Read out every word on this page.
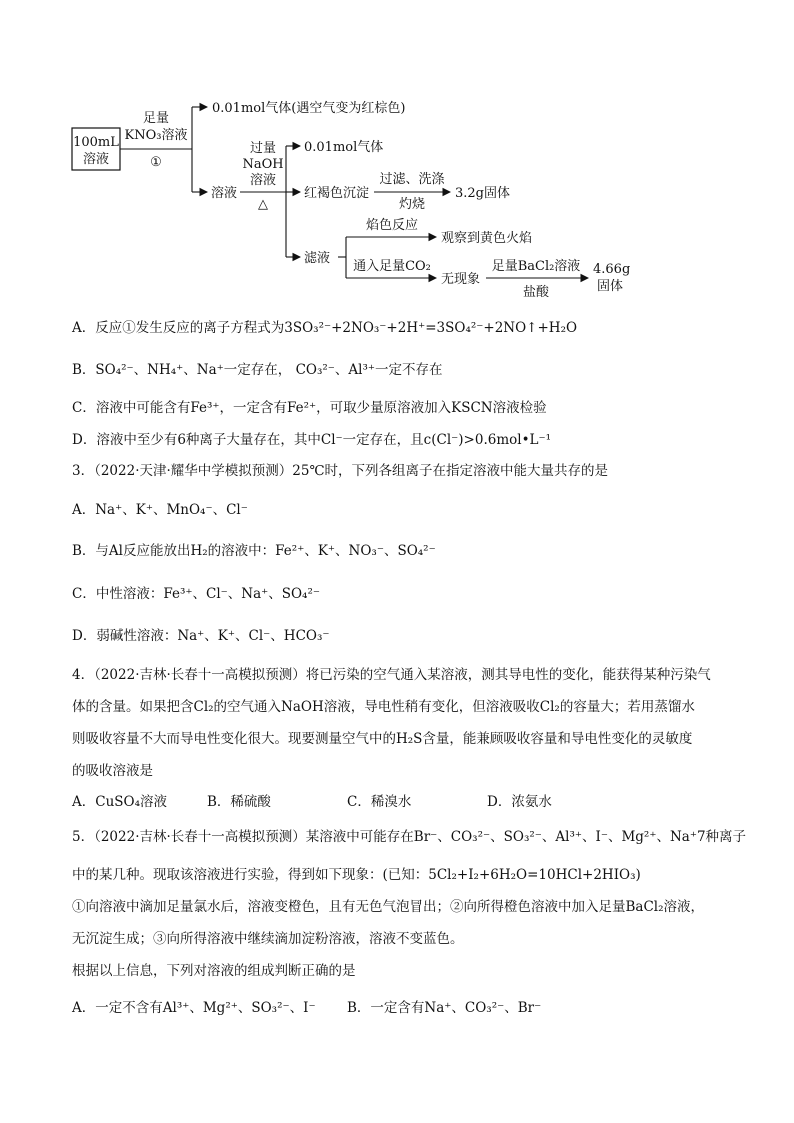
100mL
溶液
足量
KNO₃溶液
①
0.01mol气体(遇空气变为红棕色)
溶液
过量
NaOH
溶液
△
0.01mol气体
红褐色沉淀
过滤、洗涤
灼烧
3.2g固体
滤液
焰色反应
观察到黄色火焰
通入足量CO₂
无现象
足量BaCl₂溶液
盐酸
4.66g
固体
A．反应①发生反应的离子方程式为3SO₃²⁻+2NO₃⁻+2H⁺=3SO₄²⁻+2NO↑+H₂O
B．SO₄²⁻、NH₄⁺、Na⁺一定存在， CO₃²⁻、Al³⁺一定不存在
C．溶液中可能含有Fe³⁺，一定含有Fe²⁺，可取少量原溶液加入KSCN溶液检验
D．溶液中至少有6种离子大量存在，其中Cl⁻一定存在，且c(Cl⁻)>0.6mol•L⁻¹
3．（2022·天津·耀华中学模拟预测）25℃时，下列各组离子在指定溶液中能大量共存的是
A．Na⁺、K⁺、MnO₄⁻、Cl⁻
B．与Al反应能放出H₂的溶液中：Fe²⁺、K⁺、NO₃⁻、SO₄²⁻
C．中性溶液：Fe³⁺、Cl⁻、Na⁺、SO₄²⁻
D．弱碱性溶液：Na⁺、K⁺、Cl⁻、HCO₃⁻
4．（2022·吉林·长春十一高模拟预测）将已污染的空气通入某溶液，测其导电性的变化，能获得某种污染气
体的含量。如果把含Cl₂的空气通入NaOH溶液，导电性稍有变化，但溶液吸收Cl₂的容量大；若用蒸馏水
则吸收容量不大而导电性变化很大。现要测量空气中的H₂S含量，能兼顾吸收容量和导电性变化的灵敏度
的吸收溶液是
A．CuSO₄溶液	B．稀硫酸	C．稀溴水	D．浓氨水
5．（2022·吉林·长春十一高模拟预测）某溶液中可能存在Br⁻、CO₃²⁻、SO₃²⁻、Al³⁺、I⁻、Mg²⁺、Na⁺7种离子
中的某几种。现取该溶液进行实验，得到如下现象：(已知：5Cl₂+I₂+6H₂O=10HCl+2HIO₃)
①向溶液中滴加足量氯水后，溶液变橙色，且有无色气泡冒出；②向所得橙色溶液中加入足量BaCl₂溶液，
无沉淀生成；③向所得溶液中继续滴加淀粉溶液，溶液不变蓝色。
根据以上信息，下列对溶液的组成判断正确的是
A．一定不含有Al³⁺、Mg²⁺、SO₃²⁻、I⁻ B．一定含有Na⁺、CO₃²⁻、Br⁻
